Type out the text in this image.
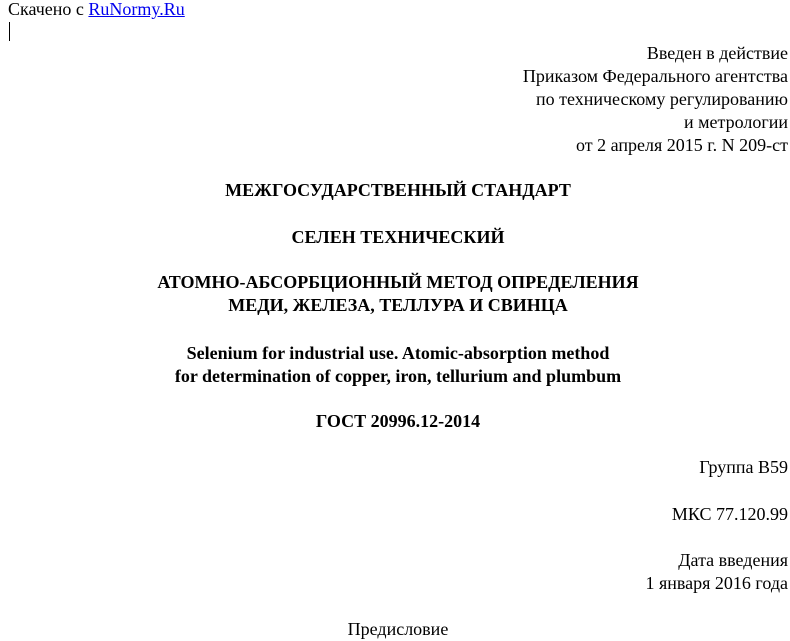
Скачено с RuNormy.Ru
Введен в действие
Приказом Федерального агентства
по техническому регулированию
и метрологии
от 2 апреля 2015 г. N 209-ст
МЕЖГОСУДАРСТВЕННЫЙ СТАНДАРТ
СЕЛЕН ТЕХНИЧЕСКИЙ
АТОМНО-АБСОРБЦИОННЫЙ МЕТОД ОПРЕДЕЛЕНИЯ
МЕДИ, ЖЕЛЕЗА, ТЕЛЛУРА И СВИНЦА
Selenium for industrial use. Atomic-absorption method
for determination of copper, iron, tellurium and plumbum
ГОСТ 20996.12-2014
Группа В59
МКС 77.120.99
Дата введения
1 января 2016 года
Предисловие
